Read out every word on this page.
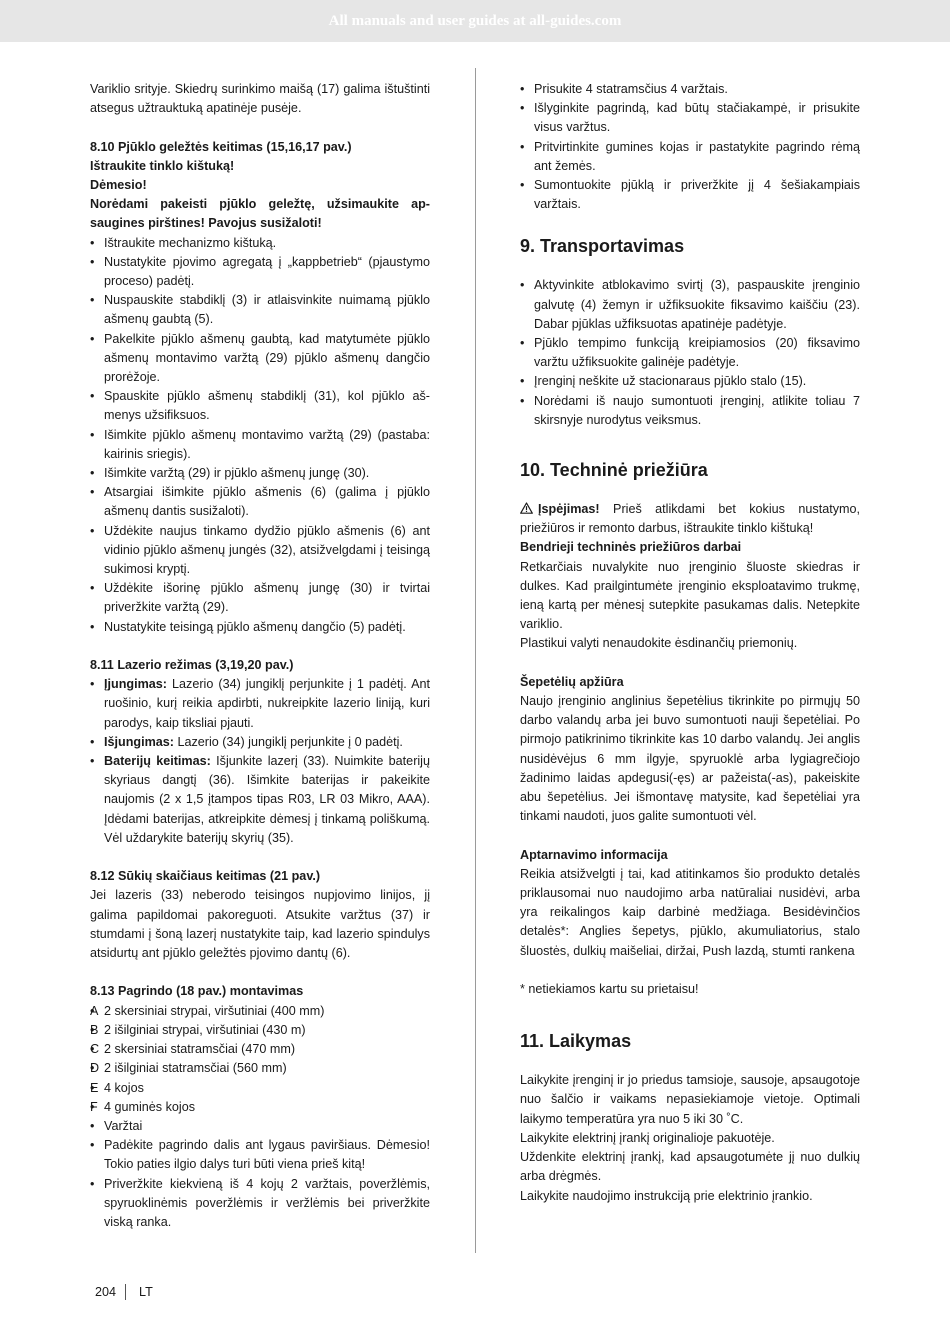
All manuals and user guides at all-guides.com

Variklio srityje. Skiedrų surinkimo maišą (17) galima ištuštinti atsegus užtrauktuką apatinėje pusėje.

8.10 Pjūklo geležtės keitimas (15,16,17 pav.)

Ištraukite tinklo kištuką!

Dėmesio!

Norėdami pakeisti pjūklo geležtę, užsimaukite apsaugines pirštines! Pavojus susižaloti!

• Ištraukite mechanizmo kištuką.
• Nustatykite pjovimo agregatą į „kappbetrieb“ (pjaustymo proceso) padėtį.
• Nuspauskite stabdiklį (3) ir atlaisvinkite nuimamą pjūklo ašmenų gaubtą (5).
• Pakelkite pjūklo ašmenų gaubtą, kad matytumėte pjūklo ašmenų montavimo varžtą (29) pjūklo ašmenų dangčio prorėžoje.
• Spauskite pjūklo ašmenų stabdiklį (31), kol pjūklo ašmenys užsifiksuos.
• Išimkite pjūklo ašmenų montavimo varžtą (29) (pastaba: kairinis sriegis).
• Išimkite varžtą (29) ir pjūklo ašmenų jungę (30).
• Atsargiai išimkite pjūklo ašmenis (6) (galima į pjūklo ašmenų dantis susižaloti).
• Uždėkite naujus tinkamo dydžio pjūklo ašmenis (6) ant vidinio pjūklo ašmenų jungės (32), atsižvelgdami į teisingą sukimosi kryptį.
• Uždėkite išorinę pjūklo ašmenų jungę (30) ir tvirtai priveržkite varžtą (29).
• Nustatykite teisingą pjūklo ašmenų dangčio (5) padėtį.

8.11 Lazerio režimas (3,19,20 pav.)

• Įjungimas: Lazerio (34) jungiklį perjunkite į 1 padėtį. Ant ruošinio, kurį reikia apdirbti, nukreipkite lazerio liniją, kuri parodys, kaip tiksliai pjauti.
• Išjungimas: Lazerio (34) jungiklį perjunkite į 0 padėtį.
• Baterijų keitimas: Išjunkite lazerį (33). Nuimkite baterijų skyriaus dangtį (36). Išimkite baterijas ir pakeikite naujomis (2 x 1,5 įtampos tipas R03, LR 03 Mikro, AAA). Įdėdami baterijas, atkreipkite dėmesį į tinkamą poliškumą. Vėl uždarykite baterijų skyrių (35).

8.12 Sūkių skaičiaus keitimas (21 pav.)

Jei lazeris (33) neberodo teisingos nupjovimo linijos, jį galima papildomai pakoreguoti. Atsukite varžtus (37) ir stumdami į šoną lazerį nustatykite taip, kad lazerio spindulys atsidurtų ant pjūklo geležtės pjovimo dantų (6).

8.13 Pagrindo (18 pav.) montavimas

• A 2 skersiniai strypai, viršutiniai (400 mm)
• B 2 išilginiai strypai, viršutiniai (430 m)
• C 2 skersiniai statramsčiai (470 mm)
• D 2 išilginiai statramsčiai (560 mm)
• E 4 kojos
• F 4 guminės kojos
• Varžtai
• Padėkite pagrindo dalis ant lygaus paviršiaus. Dėmesio! Tokio paties ilgio dalys turi būti viena prieš kitą!
• Priveržkite kiekvieną iš 4 kojų 2 varžtais, poveržlėmis, spyruoklinėmis poveržlėmis ir veržlėmis bei priveržkite viską ranka.
• Prisukite 4 statramsčius 4 varžtais.
• Išlyginkite pagrindą, kad būtų stačiakampė, ir prisukite visus varžtus.
• Pritvirtinkite gumines kojas ir pastatykite pagrindo rėmą ant žemės.
• Sumontuokite pjūklą ir priveržkite jį 4 šešiakampiais varžtais.
9. Transportavimas
• Aktyvinkite atblokavimo svirtį (3), paspauskite įrenginio galvutę (4) žemyn ir užfiksuokite fiksavimo kaiščiu (23). Dabar pjūklas užfiksuotas apatinėje padėtyje.
• Pjūklo tempimo funkciją kreipiamosios (20) fiksavimo varžtu užfiksuokite galinėje padėtyje.
• Įrenginį neškite už stacionaraus pjūklo stalo (15).
• Norėdami iš naujo sumontuoti įrenginį, atlikite toliau 7 skirsnyje nurodytus veiksmus.
10. Techninė priežiūra

Įspėjimas! Prieš atlikdami bet kokius nustatymo, priežiūros ir remonto darbus, ištraukite tinklo kištuką!

Bendrieji techninės priežiūros darbai

Retkarčiais nuvalykite nuo įrenginio šluoste skiedras ir dulkes. Kad prailgintumėte įrenginio eksploatavimo trukmę, ieną kartą per mėnesį sutepkite pasukamas dalis. Netepkite variklio.

Plastikui valyti nenaudokite ėsdinančių priemonių.

Šepetėlių apžiūra

Naujo įrenginio anglinius šepetėlius tikrinkite po pirmųjų 50 darbo valandų arba jei buvo sumontuoti nauji šepetėliai. Po pirmojo patikrinimo tikrinkite kas 10 darbo valandų. Jei anglis nusidėvėjus 6 mm ilgyje, spyruoklė arba lygiagrečiojo žadinimo laidas apdegusi(-ęs) ar pažeista(-as), pakeiskite abu šepetėlius. Jei išmontavę matysite, kad šepetėliai yra tinkami naudoti, juos galite sumontuoti vėl.

Aptarnavimo informacija

Reikia atsižvelgti į tai, kad atitinkamos šio produkto detalės priklausomai nuo naudojimo arba natūraliai nusidėvi, arba yra reikalingos kaip darbinė medžiaga. Besidėvinčios detalės*: Anglies šepetys, pjūklo, akumuliatorius, stalo šluostės, dulkių maišeliai, diržai, Push lazdą, stumti rankena

* netiekiamos kartu su prietaisu!

11. Laikymas

Laikykite įrenginį ir jo priedus tamsioje, sausoje, apsaugotoje nuo šalčio ir vaikams nepasiekiamoje vietoje. Optimali laikymo temperatūra yra nuo 5 iki 30 ˚C.

Laikykite elektrinį įrankį originalioje pakuotėje.

Uždenkite elektrinį įrankį, kad apsaugotumėte jį nuo dulkių arba drėgmės.

Laikykite naudojimo instrukciją prie elektrinio įrankio.

204 LT
